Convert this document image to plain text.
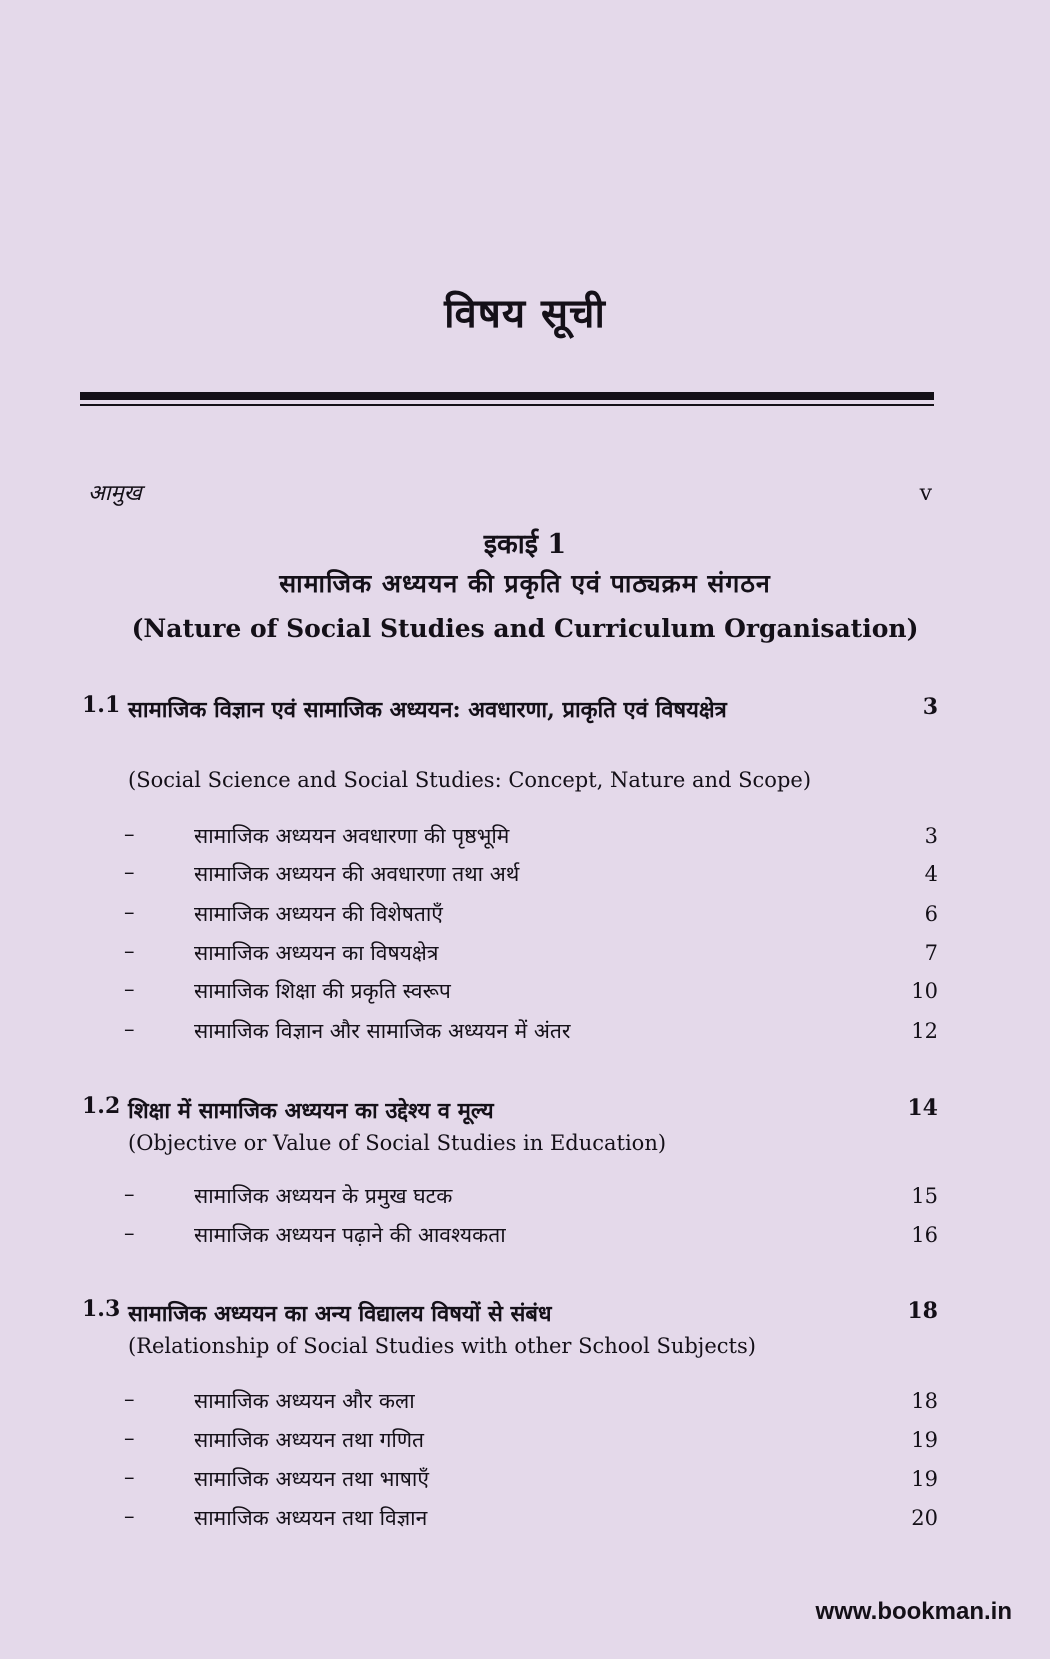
विषय सूची
आमुख	v
इकाई 1
सामाजिक अध्ययन की प्रकृति एवं पाठ्यक्रम संगठन
(Nature of Social Studies and Curriculum Organisation)
1.1 सामाजिक विज्ञान एवं सामाजिक अध्ययन: अवधारणा, प्राकृति एवं विषयक्षेत्र	3
(Social Science and Social Studies: Concept, Nature and Scope)
–	सामाजिक अध्ययन अवधारणा की पृष्ठभूमि	3
–	सामाजिक अध्ययन की अवधारणा तथा अर्थ	4
–	सामाजिक अध्ययन की विशेषताएँ	6
–	सामाजिक अध्ययन का विषयक्षेत्र	7
–	सामाजिक शिक्षा की प्रकृति स्वरूप	10
–	सामाजिक विज्ञान और सामाजिक अध्ययन में अंतर	12
1.2 शिक्षा में सामाजिक अध्ययन का उद्देश्य व मूल्य	14
(Objective or Value of Social Studies in Education)
–	सामाजिक अध्ययन के प्रमुख घटक	15
–	सामाजिक अध्ययन पढ़ाने की आवश्यकता	16
1.3 सामाजिक अध्ययन का अन्य विद्यालय विषयों से संबंध	18
(Relationship of Social Studies with other School Subjects)
–	सामाजिक अध्ययन और कला	18
–	सामाजिक अध्ययन तथा गणित	19
–	सामाजिक अध्ययन तथा भाषाएँ	19
–	सामाजिक अध्ययन तथा विज्ञान	20
www.bookman.in
